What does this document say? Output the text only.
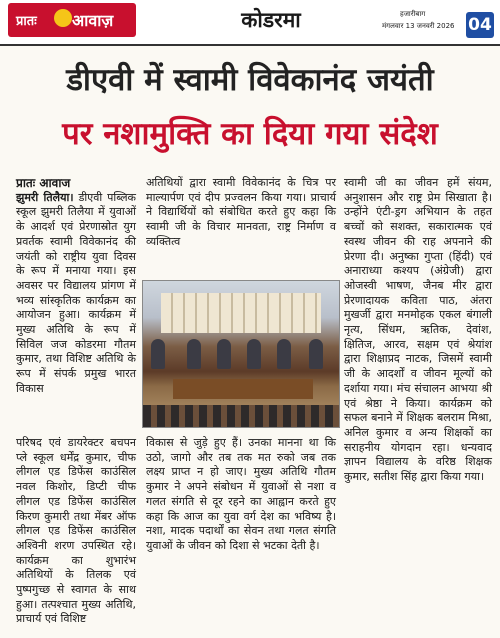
प्रातः आवाज़	कोडरमा	हजारीबाग
मंगलवार 13 जनवरी 2026 04
डीएवी में स्वामी विवेकानंद जयंती
पर नशामुक्ति का दिया गया संदेश

प्रातः आवाज

झुमरी तिलैया। डीएवी पब्लिक स्कूल झुमरी तिलैया में युवाओं के आदर्श एवं प्रेरणास्रोत युग प्रवर्तक स्वामी विवेकानंद की जयंती को राष्ट्रीय युवा दिवस के रूप में मनाया गया। इस अवसर पर विद्यालय प्रांगण में भव्य सांस्कृतिक कार्यक्रम का आयोजन हुआ। कार्यक्रम में मुख्य अतिथि के रूप में सिविल जज कोडरमा गौतम कुमार, तथा विशिष्ट अतिथि के रूप में संपर्क प्रमुख भारत विकास

अतिथियों द्वारा स्वामी विवेकानंद के चित्र पर माल्यार्पण एवं दीप प्रज्वलन किया गया। प्राचार्य ने विद्यार्थियों को संबोधित करते हुए कहा कि स्वामी जी के विचार मानवता, राष्ट्र निर्माण व व्यक्तित्व

स्वामी जी का जीवन हमें संयम, अनुशासन और राष्ट्र प्रेम सिखाता है। उन्होंने एंटी-ड्रग अभियान के तहत बच्चों को सशक्त, सकारात्मक एवं स्वस्थ जीवन की राह अपनाने की प्रेरणा दी। अनुष्का गुप्ता (हिंदी) एवं अनाराध्या कश्यप (अंग्रेजी) द्वारा ओजस्वी भाषण, जैनब मीर द्वारा प्रेरणादायक कविता पाठ, अंतरा मुखर्जी द्वारा मनमोहक एकल बंगाली नृत्य, सिंधम, ऋतिक, देवांश, क्षितिज, आरव, सक्षम एवं श्रेयांश द्वारा शिक्षाप्रद नाटक, जिसमें स्वामी जी के आदर्शों व जीवन मूल्यों को दर्शाया गया। मंच संचालन आभया श्री एवं श्रेष्ठा ने किया। कार्यक्रम को सफल बनाने में शिक्षक बलराम मिश्रा, अनिल कुमार व अन्य शिक्षकों का सराहनीय योगदान रहा। धन्यवाद ज्ञापन विद्यालय के वरिष्ठ शिक्षक कुमार, सतीश सिंह द्वारा किया गया।

परिषद एवं डायरेक्टर बचपन प्ले स्कूल धर्मेंद्र कुमार, चीफ लीगल एड डिफेंस काउंसिल नवल किशोर, डिप्टी चीफ लीगल एड डिफेंस काउंसिल किरण कुमारी तथा मेंबर ऑफ लीगल एड डिफेंस काउंसिल अश्विनी शरण उपस्थित रहे। कार्यक्रम का शुभारंभ अतिथियों के तिलक एवं पुष्पगुच्छ से स्वागत के साथ हुआ। तत्पश्चात मुख्य अतिथि, प्राचार्य एवं विशिष्ट

विकास से जुड़े हुए हैं। उनका मानना था कि उठो, जागो और तब तक मत रुको जब तक लक्ष्य प्राप्त न हो जाए। मुख्य अतिथि गौतम कुमार ने अपने संबोधन में युवाओं से नशा व गलत संगति से दूर रहने का आह्वान करते हुए कहा कि आज का युवा वर्ग देश का भविष्य है। नशा, मादक पदार्थों का सेवन तथा गलत संगति युवाओं के जीवन को दिशा से भटका देती है।
